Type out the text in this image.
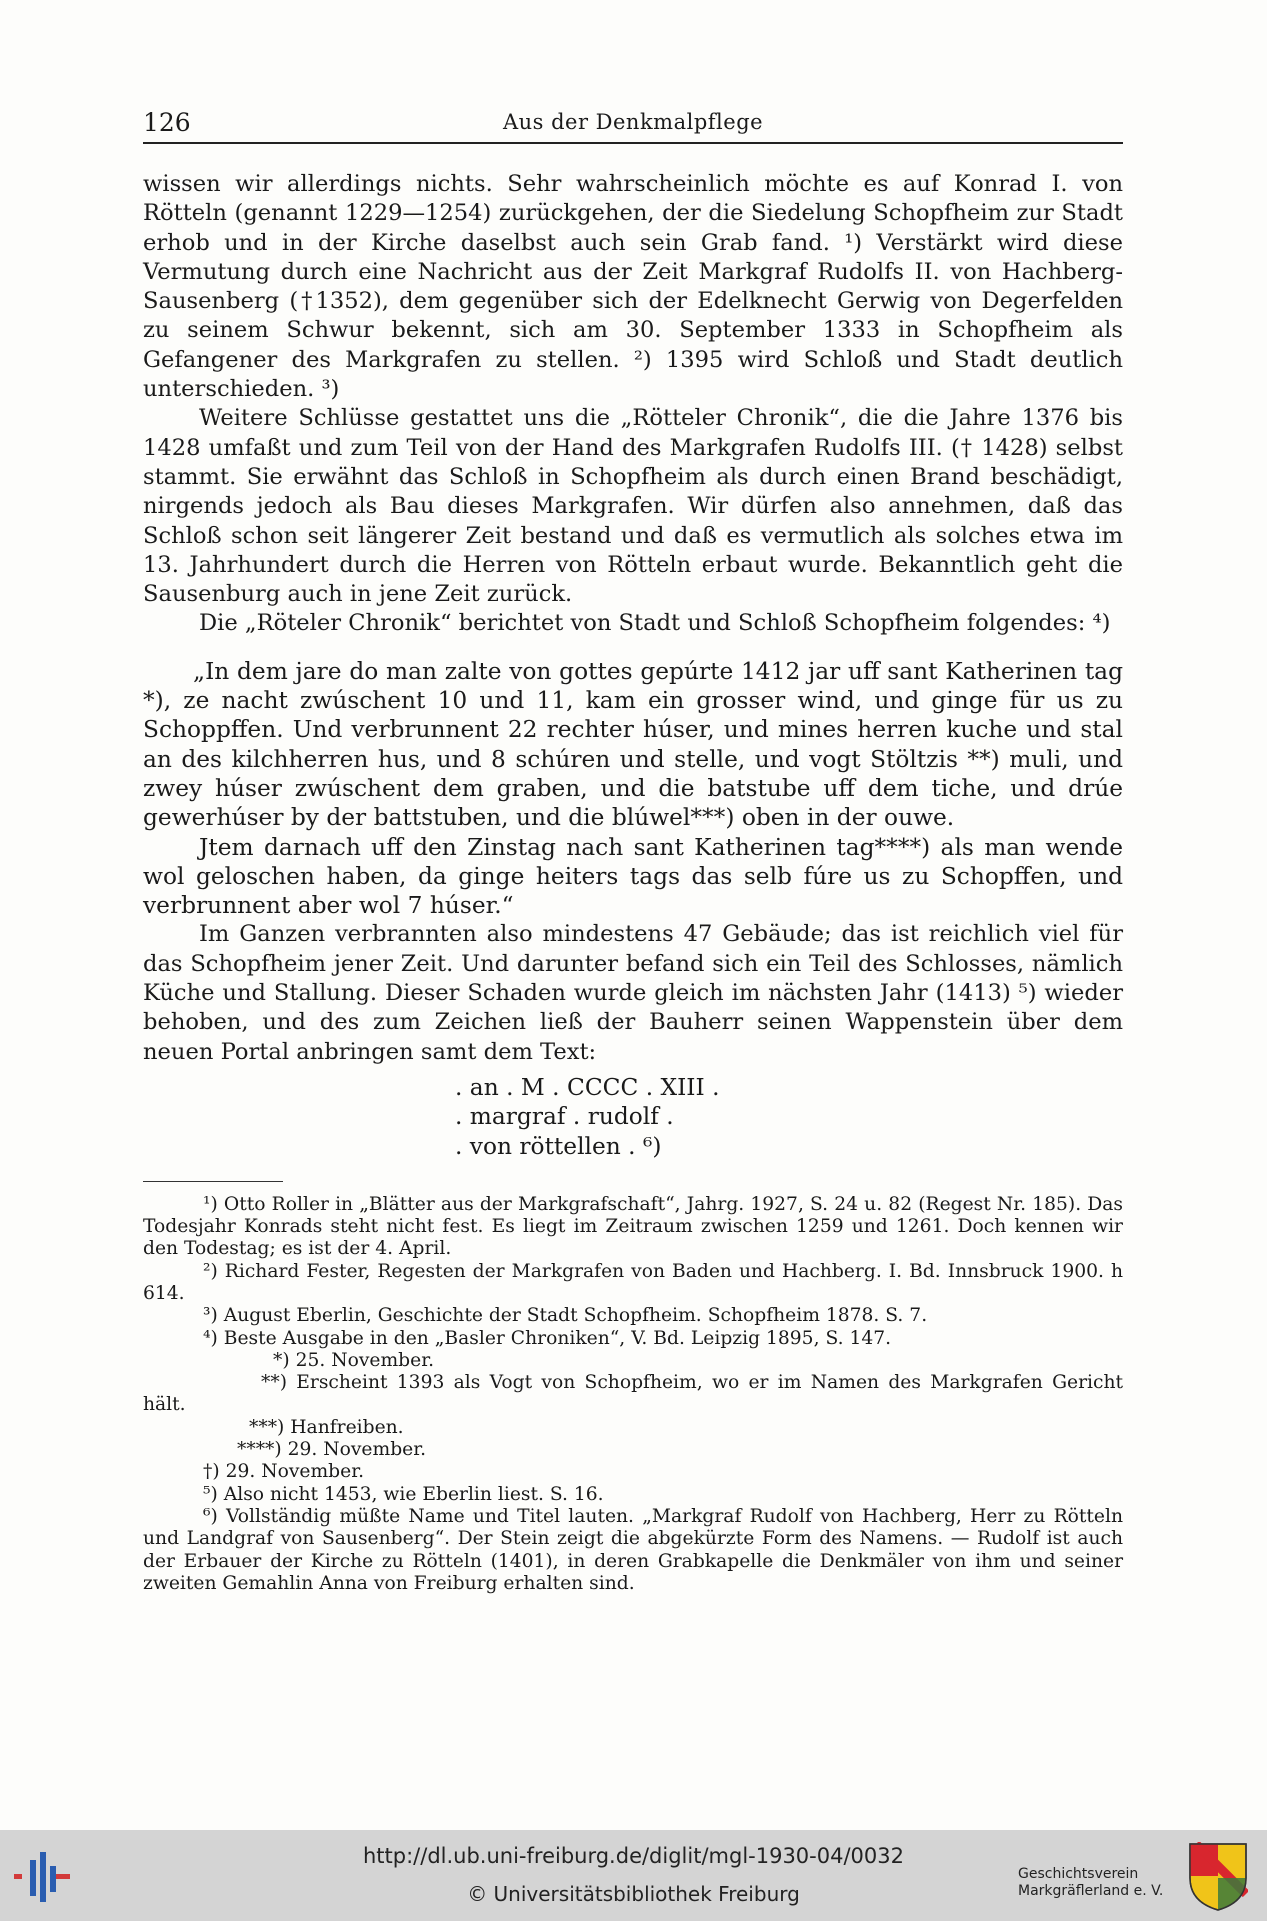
126	Aus der Denkmalpflege

wissen wir allerdings nichts. Sehr wahrscheinlich möchte es auf Konrad I. von Rötteln (genannt 1229—1254) zurückgehen, der die Siedelung Schopfheim zur Stadt erhob und in der Kirche daselbst auch sein Grab fand. ¹) Verstärkt wird diese Vermutung durch eine Nachricht aus der Zeit Markgraf Rudolfs II. von Hachberg-Sausenberg (†1352), dem gegenüber sich der Edelknecht Gerwig von Degerfelden zu seinem Schwur bekennt, sich am 30. September 1333 in Schopfheim als Gefangener des Markgrafen zu stellen. ²) 1395 wird Schloß und Stadt deutlich unterschieden. ³)

Weitere Schlüsse gestattet uns die „Rötteler Chronik“, die die Jahre 1376 bis 1428 umfaßt und zum Teil von der Hand des Markgrafen Rudolfs III. († 1428) selbst stammt. Sie erwähnt das Schloß in Schopfheim als durch einen Brand beschädigt, nirgends jedoch als Bau dieses Markgrafen. Wir dürfen also annehmen, daß das Schloß schon seit längerer Zeit bestand und daß es vermutlich als solches etwa im 13. Jahrhundert durch die Herren von Rötteln erbaut wurde. Bekanntlich geht die Sausenburg auch in jene Zeit zurück.

Die „Röteler Chronik“ berichtet von Stadt und Schloß Schopfheim folgendes: ⁴)

„In dem jare do man zalte von gottes gepúrte 1412 jar uff sant Katherinen tag *), ze nacht zwúschent 10 und 11, kam ein grosser wind, und ginge für us zu Schoppffen. Und verbrunnent 22 rechter húser, und mines herren kuche und stal an des kilchherren hus, und 8 schúren und stelle, und vogt Stöltzis **) muli, und zwey húser zwúschent dem graben, und die batstube uff dem tiche, und drúe gewerhúser by der battstuben, und die blúwel***) oben in der ouwe.

Jtem darnach uff den Zinstag nach sant Katherinen tag****) als man wende wol geloschen haben, da ginge heiters tags das selb fúre us zu Schopffen, und verbrunnent aber wol 7 húser.“

Im Ganzen verbrannten also mindestens 47 Gebäude; das ist reichlich viel für das Schopfheim jener Zeit. Und darunter befand sich ein Teil des Schlosses, nämlich Küche und Stallung. Dieser Schaden wurde gleich im nächsten Jahr (1413) ⁵) wieder behoben, und des zum Zeichen ließ der Bauherr seinen Wappenstein über dem neuen Portal anbringen samt dem Text:

. an . M . CCCC . XIII .
. margraf . rudolf .
. von röttellen . ⁶)

¹) Otto Roller in „Blätter aus der Markgrafschaft“, Jahrg. 1927, S. 24 u. 82 (Regest Nr. 185). Das Todesjahr Konrads steht nicht fest. Es liegt im Zeitraum zwischen 1259 und 1261. Doch kennen wir den Todestag; es ist der 4. April.

²) Richard Fester, Regesten der Markgrafen von Baden und Hachberg. I. Bd. Innsbruck 1900. h 614.

³) August Eberlin, Geschichte der Stadt Schopfheim. Schopfheim 1878. S. 7.

⁴) Beste Ausgabe in den „Basler Chroniken“, V. Bd. Leipzig 1895, S. 147.

*) 25. November.

**) Erscheint 1393 als Vogt von Schopfheim, wo er im Namen des Markgrafen Gericht hält.

***) Hanfreiben.

****) 29. November.

†) 29. November.

⁵) Also nicht 1453, wie Eberlin liest. S. 16.

⁶) Vollständig müßte Name und Titel lauten. „Markgraf Rudolf von Hachberg, Herr zu Rötteln und Landgraf von Sausenberg“. Der Stein zeigt die abgekürzte Form des Namens. — Rudolf ist auch der Erbauer der Kirche zu Rötteln (1401), in deren Grabkapelle die Denkmäler von ihm und seiner zweiten Gemahlin Anna von Freiburg erhalten sind.

http://dl.ub.uni-freiburg.de/diglit/mgl-1930-04/0032
© Universitätsbibliothek Freiburg
Geschichtsverein
Markgräflerland e. V.
